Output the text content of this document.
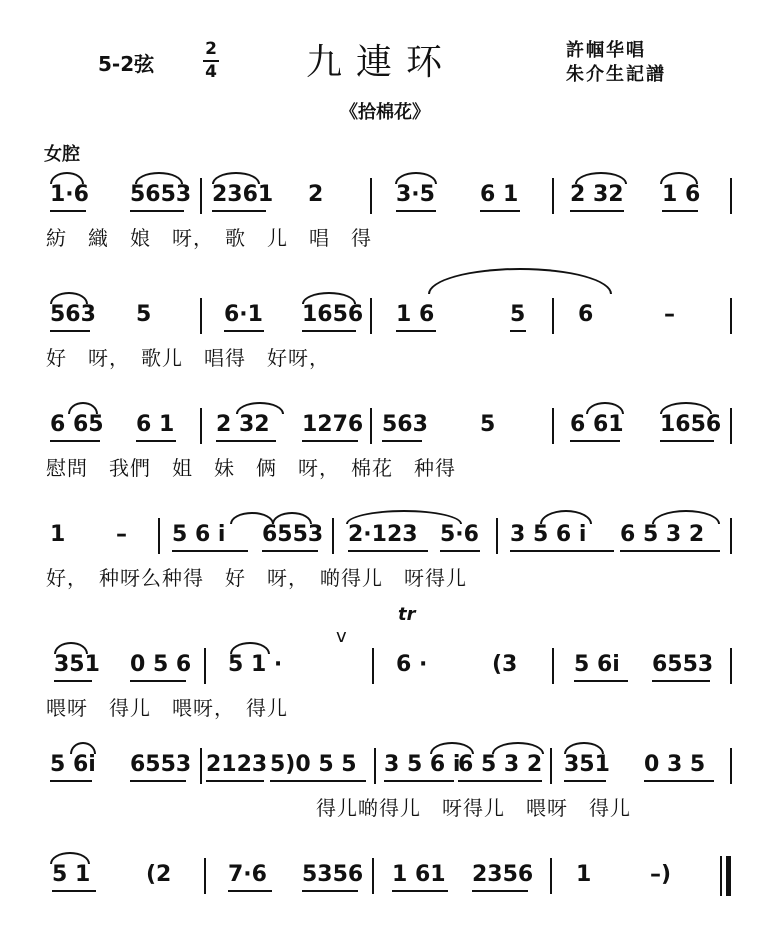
5-2弦
2
4 九連环	許帼华唱
朱介生記譜
《拾棉花》
女腔
1·6 5653 2361 2	3·5 6 1 2 32 1 6
紡　織　娘　呀，　歌　儿　唱　得
563 5	6·1 1656 1 6	5 6	–
好　呀，　歌儿　唱得　好呀，
6 65 6 1 2 32 1276 563 5	6 61 1656
慰問　我們　姐　妹　俩　呀，　棉花　种得
1 – 5 6 i 6553 2·123 5·6 3 5 6 i 6 5 3 2
好，　种呀么种得　好　呀，　啲得儿　呀得儿
tr
351 0 5 6 5 1 ·
v
6 ·	(3	5 6i 6553
喂呀　得儿　喂呀，　得儿
5 6i 6553 2123 5)0 5 5 3 5 6 i
6 5 3 2 351 0 3 5
得儿啲得儿　呀得儿　喂呀　得儿
5 1	(2	7·6 5356 1 61 2356 1	–)
